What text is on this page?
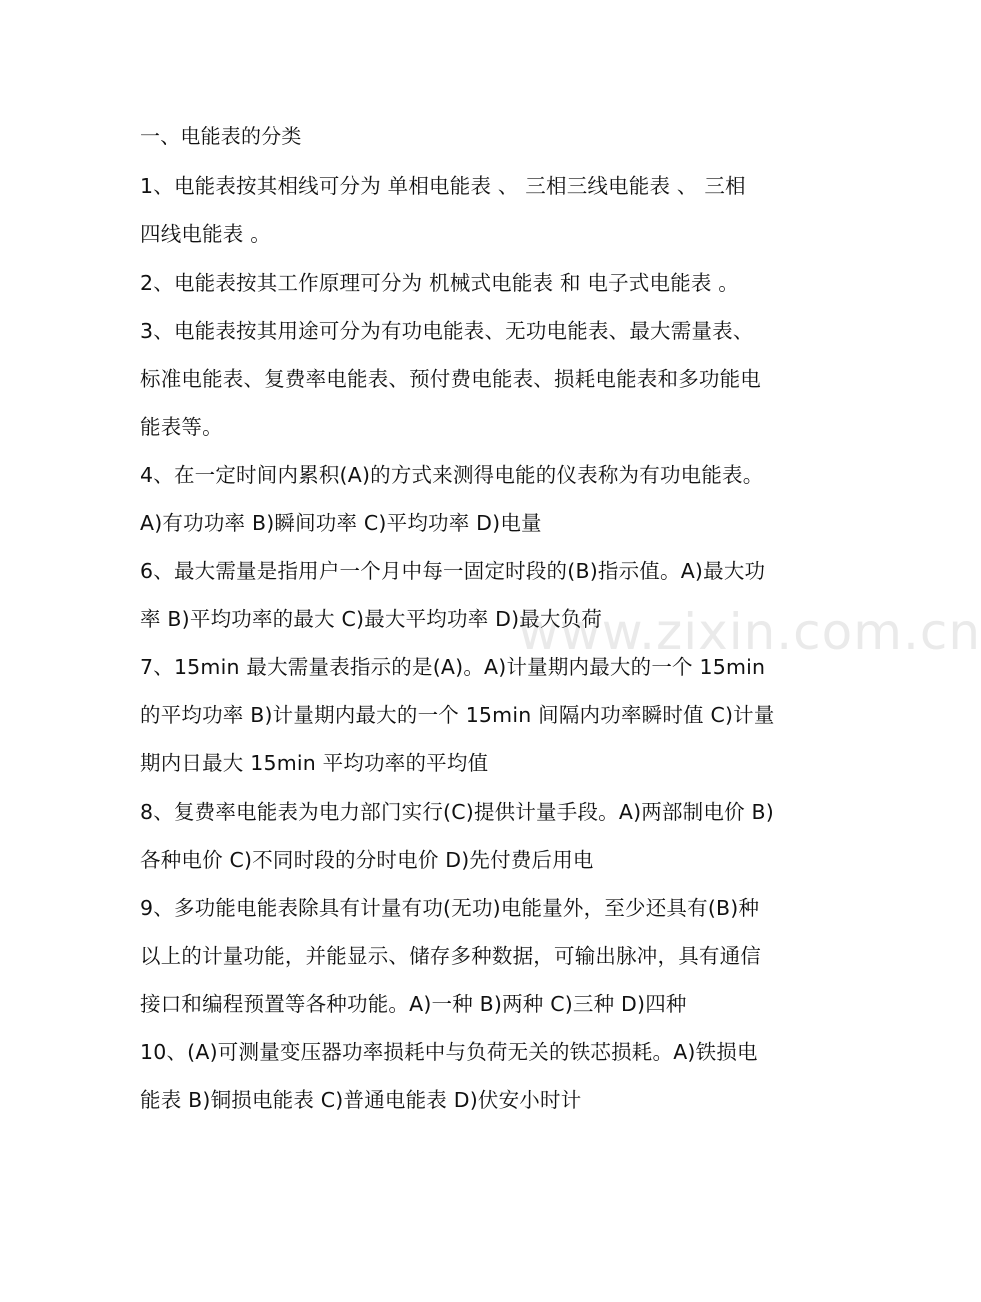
www.zixin.com.cn
一、电能表的分类
1、电能表按其相线可分为 单相电能表 、 三相三线电能表 、 三相
四线电能表 。
2、电能表按其工作原理可分为 机械式电能表 和 电子式电能表 。
3、电能表按其用途可分为有功电能表、无功电能表、最大需量表、
标准电能表、复费率电能表、预付费电能表、损耗电能表和多功能电
能表等。
4、在一定时间内累积(A)的方式来测得电能的仪表称为有功电能表。
A)有功功率 B)瞬间功率 C)平均功率 D)电量
6、最大需量是指用户一个月中每一固定时段的(B)指示值。A)最大功
率 B)平均功率的最大 C)最大平均功率 D)最大负荷
7、15min 最大需量表指示的是(A)。A)计量期内最大的一个 15min
的平均功率 B)计量期内最大的一个 15min 间隔内功率瞬时值 C)计量
期内日最大 15min 平均功率的平均值
8、复费率电能表为电力部门实行(C)提供计量手段。A)两部制电价 B)
各种电价 C)不同时段的分时电价 D)先付费后用电
9、多功能电能表除具有计量有功(无功)电能量外，至少还具有(B)种
以上的计量功能，并能显示、储存多种数据，可输出脉冲，具有通信
接口和编程预置等各种功能。A)一种 B)两种 C)三种 D)四种
10、(A)可测量变压器功率损耗中与负荷无关的铁芯损耗。A)铁损电
能表 B)铜损电能表 C)普通电能表 D)伏安小时计
